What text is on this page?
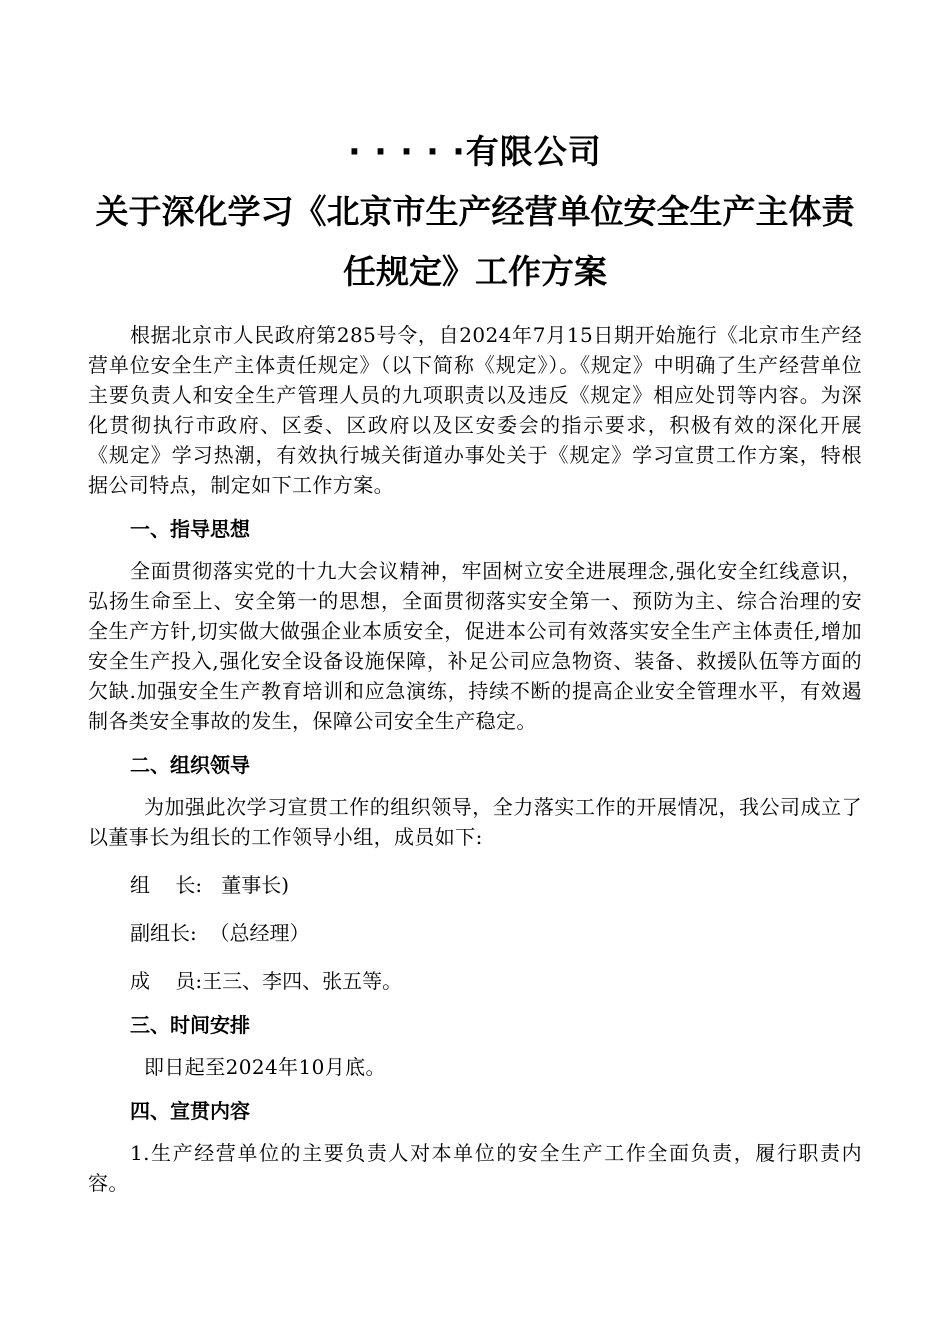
· · · · ·有限公司
关于深化学习《北京市生产经营单位安全生产主体责任规定》工作方案

根据北京市人民政府第285号令，自2024年7月15日期开始施行《北京市生产经营单位安全生产主体责任规定》（以下简称《规定》）。《规定》中明确了生产经营单位主要负责人和安全生产管理人员的九项职责以及违反《规定》相应处罚等内容。为深化贯彻执行市政府、区委、区政府以及区安委会的指示要求，积极有效的深化开展《规定》学习热潮，有效执行城关街道办事处关于《规定》学习宣贯工作方案，特根据公司特点，制定如下工作方案。

一、指导思想

全面贯彻落实党的十九大会议精神，牢固树立安全进展理念,强化安全红线意识，弘扬生命至上、安全第一的思想，全面贯彻落实安全第一、预防为主、综合治理的安全生产方针,切实做大做强企业本质安全，促进本公司有效落实安全生产主体责任,增加安全生产投入,强化安全设备设施保障，补足公司应急物资、装备、救援队伍等方面的欠缺.加强安全生产教育培训和应急演练，持续不断的提高企业安全管理水平，有效遏制各类安全事故的发生，保障公司安全生产稳定。

二、组织领导

为加强此次学习宣贯工作的组织领导，全力落实工作的开展情况，我公司成立了以董事长为组长的工作领导小组，成员如下:

组    长:   董事长)
副组长:  （总经理）
成    员:王三、李四、张五等。
三、时间安排

即日起至2024年10月底。

四、宣贯内容

1.生产经营单位的主要负责人对本单位的安全生产工作全面负责，履行职责内容。
